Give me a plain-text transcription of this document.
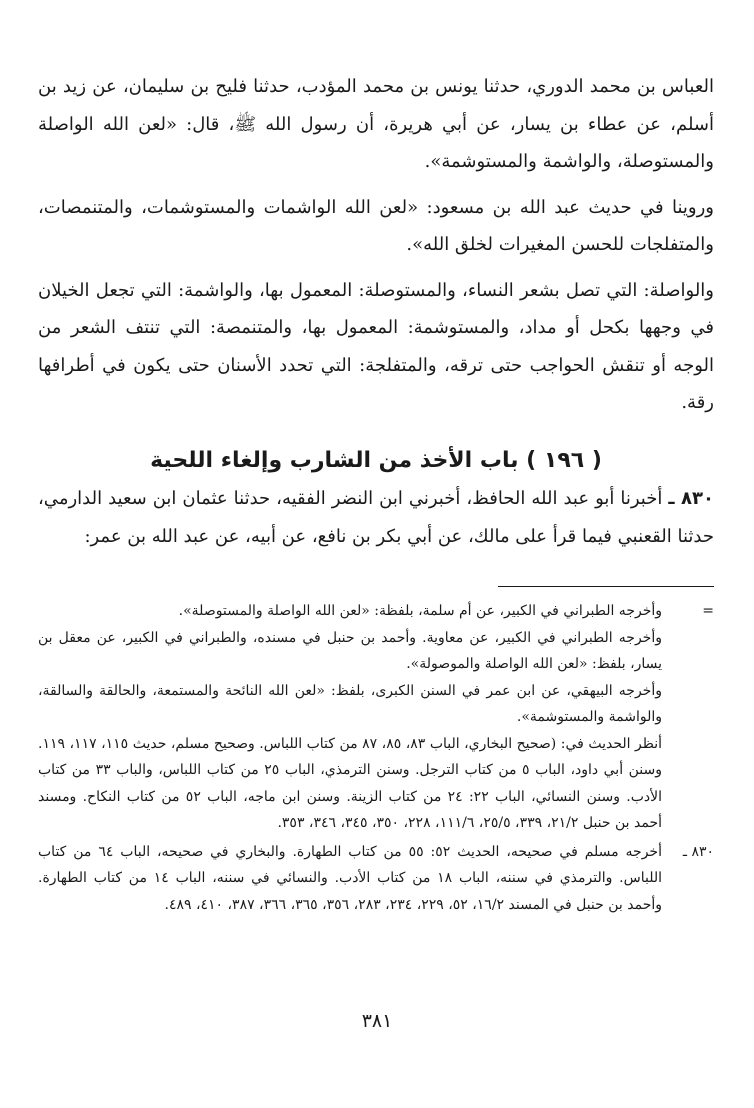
العباس بن محمد الدوري، حدثنا يونس بن محمد المؤدب، حدثنا فليح بن سليمان، عن زيد بن أسلم، عن عطاء بن يسار، عن أبي هريرة، أن رسول الله ﷺ، قال: «لعن الله الواصلة والمستوصلة، والواشمة والمستوشمة».

وروينا في حديث عبد الله بن مسعود: «لعن الله الواشمات والمستوشمات، والمتنمصات، والمتفلجات للحسن المغيرات لخلق الله».

والواصلة: التي تصل بشعر النساء، والمستوصلة: المعمول بها، والواشمة: التي تجعل الخيلان في وجهها بكحل أو مداد، والمستوشمة: المعمول بها، والمتنمصة: التي تنتف الشعر من الوجه أو تنقش الحواجب حتى ترقه، والمتفلجة: التي تحدد الأسنان حتى يكون في أطرافها رقة.

( ١٩٦ ) باب الأخذ من الشارب وإلغاء اللحية

٨٣٠ ـ أخبرنا أبو عبد الله الحافظ، أخبرني ابن النضر الفقيه، حدثنا عثمان ابن سعيد الدارمي، حدثنا القعنبي فيما قرأ على مالك، عن أبي بكر بن نافع، عن أبيه، عن عبد الله بن عمر:

=

وأخرجه الطبراني في الكبير، عن أم سلمة، بلفظة: «لعن الله الواصلة والمستوصلة».

وأخرجه الطبراني في الكبير، عن معاوية. وأحمد بن حنبل في مسنده، والطبراني في الكبير، عن معقل بن يسار، بلفظ: «لعن الله الواصلة والموصولة».

وأخرجه البيهقي، عن ابن عمر في السنن الكبرى، بلفظ: «لعن الله النائحة والمستمعة، والحالقة والسالقة، والواشمة والمستوشمة».

أنظر الحديث في: (صحيح البخاري، الباب ٨٣، ٨٥، ٨٧ من كتاب اللباس. وصحيح مسلم، حديث ١١٥، ١١٧، ١١٩. وسنن أبي داود، الباب ٥ من كتاب الترجل. وسنن الترمذي، الباب ٢٥ من كتاب اللباس، والباب ٣٣ من كتاب الأدب. وسنن النسائي، الباب ٢٢: ٢٤ من كتاب الزينة. وسنن ابن ماجه، الباب ٥٢ من كتاب النكاح. ومسند أحمد بن حنبل ٢١/٢، ٣٣٩، ٢٥/٥، ١١١/٦، ٢٢٨، ٣٥٠، ٣٤٥، ٣٤٦، ٣٥٣.

٨٣٠ ـ

أخرجه مسلم في صحيحه، الحديث ٥٢: ٥٥ من كتاب الطهارة. والبخاري في صحيحه، الباب ٦٤ من كتاب اللباس. والترمذي في سننه، الباب ١٨ من كتاب الأدب. والنسائي في سننه، الباب ١٤ من كتاب الطهارة. وأحمد بن حنبل في المسند ١٦/٢، ٥٢، ٢٢٩، ٢٣٤، ٢٨٣، ٣٥٦، ٣٦٥، ٣٦٦، ٣٨٧، ٤١٠، ٤٨٩.

٣٨١
